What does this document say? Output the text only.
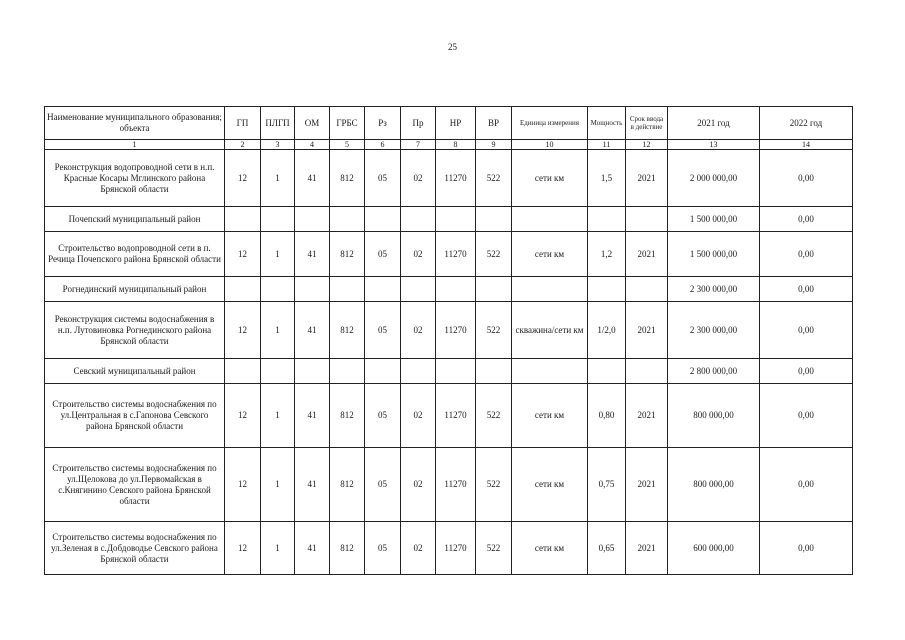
25
Наименование муниципального образования; объекта	ГП	ПЛГП	ОМ	ГРБС	Рз	Пр	НР	ВР	Единица измерения	Мощность	Срок ввода в действие	2021 год	2022 год
1	2	3	4	5	6	7	8	9	10	11	12	13	14
Реконструкция водопроводной сети в н.п. Красные Косары Мглинского района Брянской области	12	1	41	812	05	02	11270	522	сети км	1,5	2021	2 000 000,00	0,00
Почепский муниципальный район												1 500 000,00	0,00
Строительство водопроводной сети в п. Речица Почепского района Брянской области	12	1	41	812	05	02	11270	522	сети км	1,2	2021	1 500 000,00	0,00
Рогнединский муниципальный район												2 300 000,00	0,00
Реконструкция системы водоснабжения в н.п. Лутовиновка Рогнединского района Брянской области	12	1	41	812	05	02	11270	522	скважина/сети км	1/2,0	2021	2 300 000,00	0,00
Севский муниципальный район												2 800 000,00	0,00
Строительство системы водоснабжения по ул.Центральная в с.Гапонова Севского района Брянской области	12	1	41	812	05	02	11270	522	сети км	0,80	2021	800 000,00	0,00
Строительство системы водоснабжения по ул.Щелокова до ул.Первомайская в с.Княгинино Севского района Брянской области	12	1	41	812	05	02	11270	522	сети км	0,75	2021	800 000,00	0,00
Строительство системы водоснабжения по ул.Зеленая в с.Добдоводье Севского района Брянской области	12	1	41	812	05	02	11270	522	сети км	0,65	2021	600 000,00	0,00
